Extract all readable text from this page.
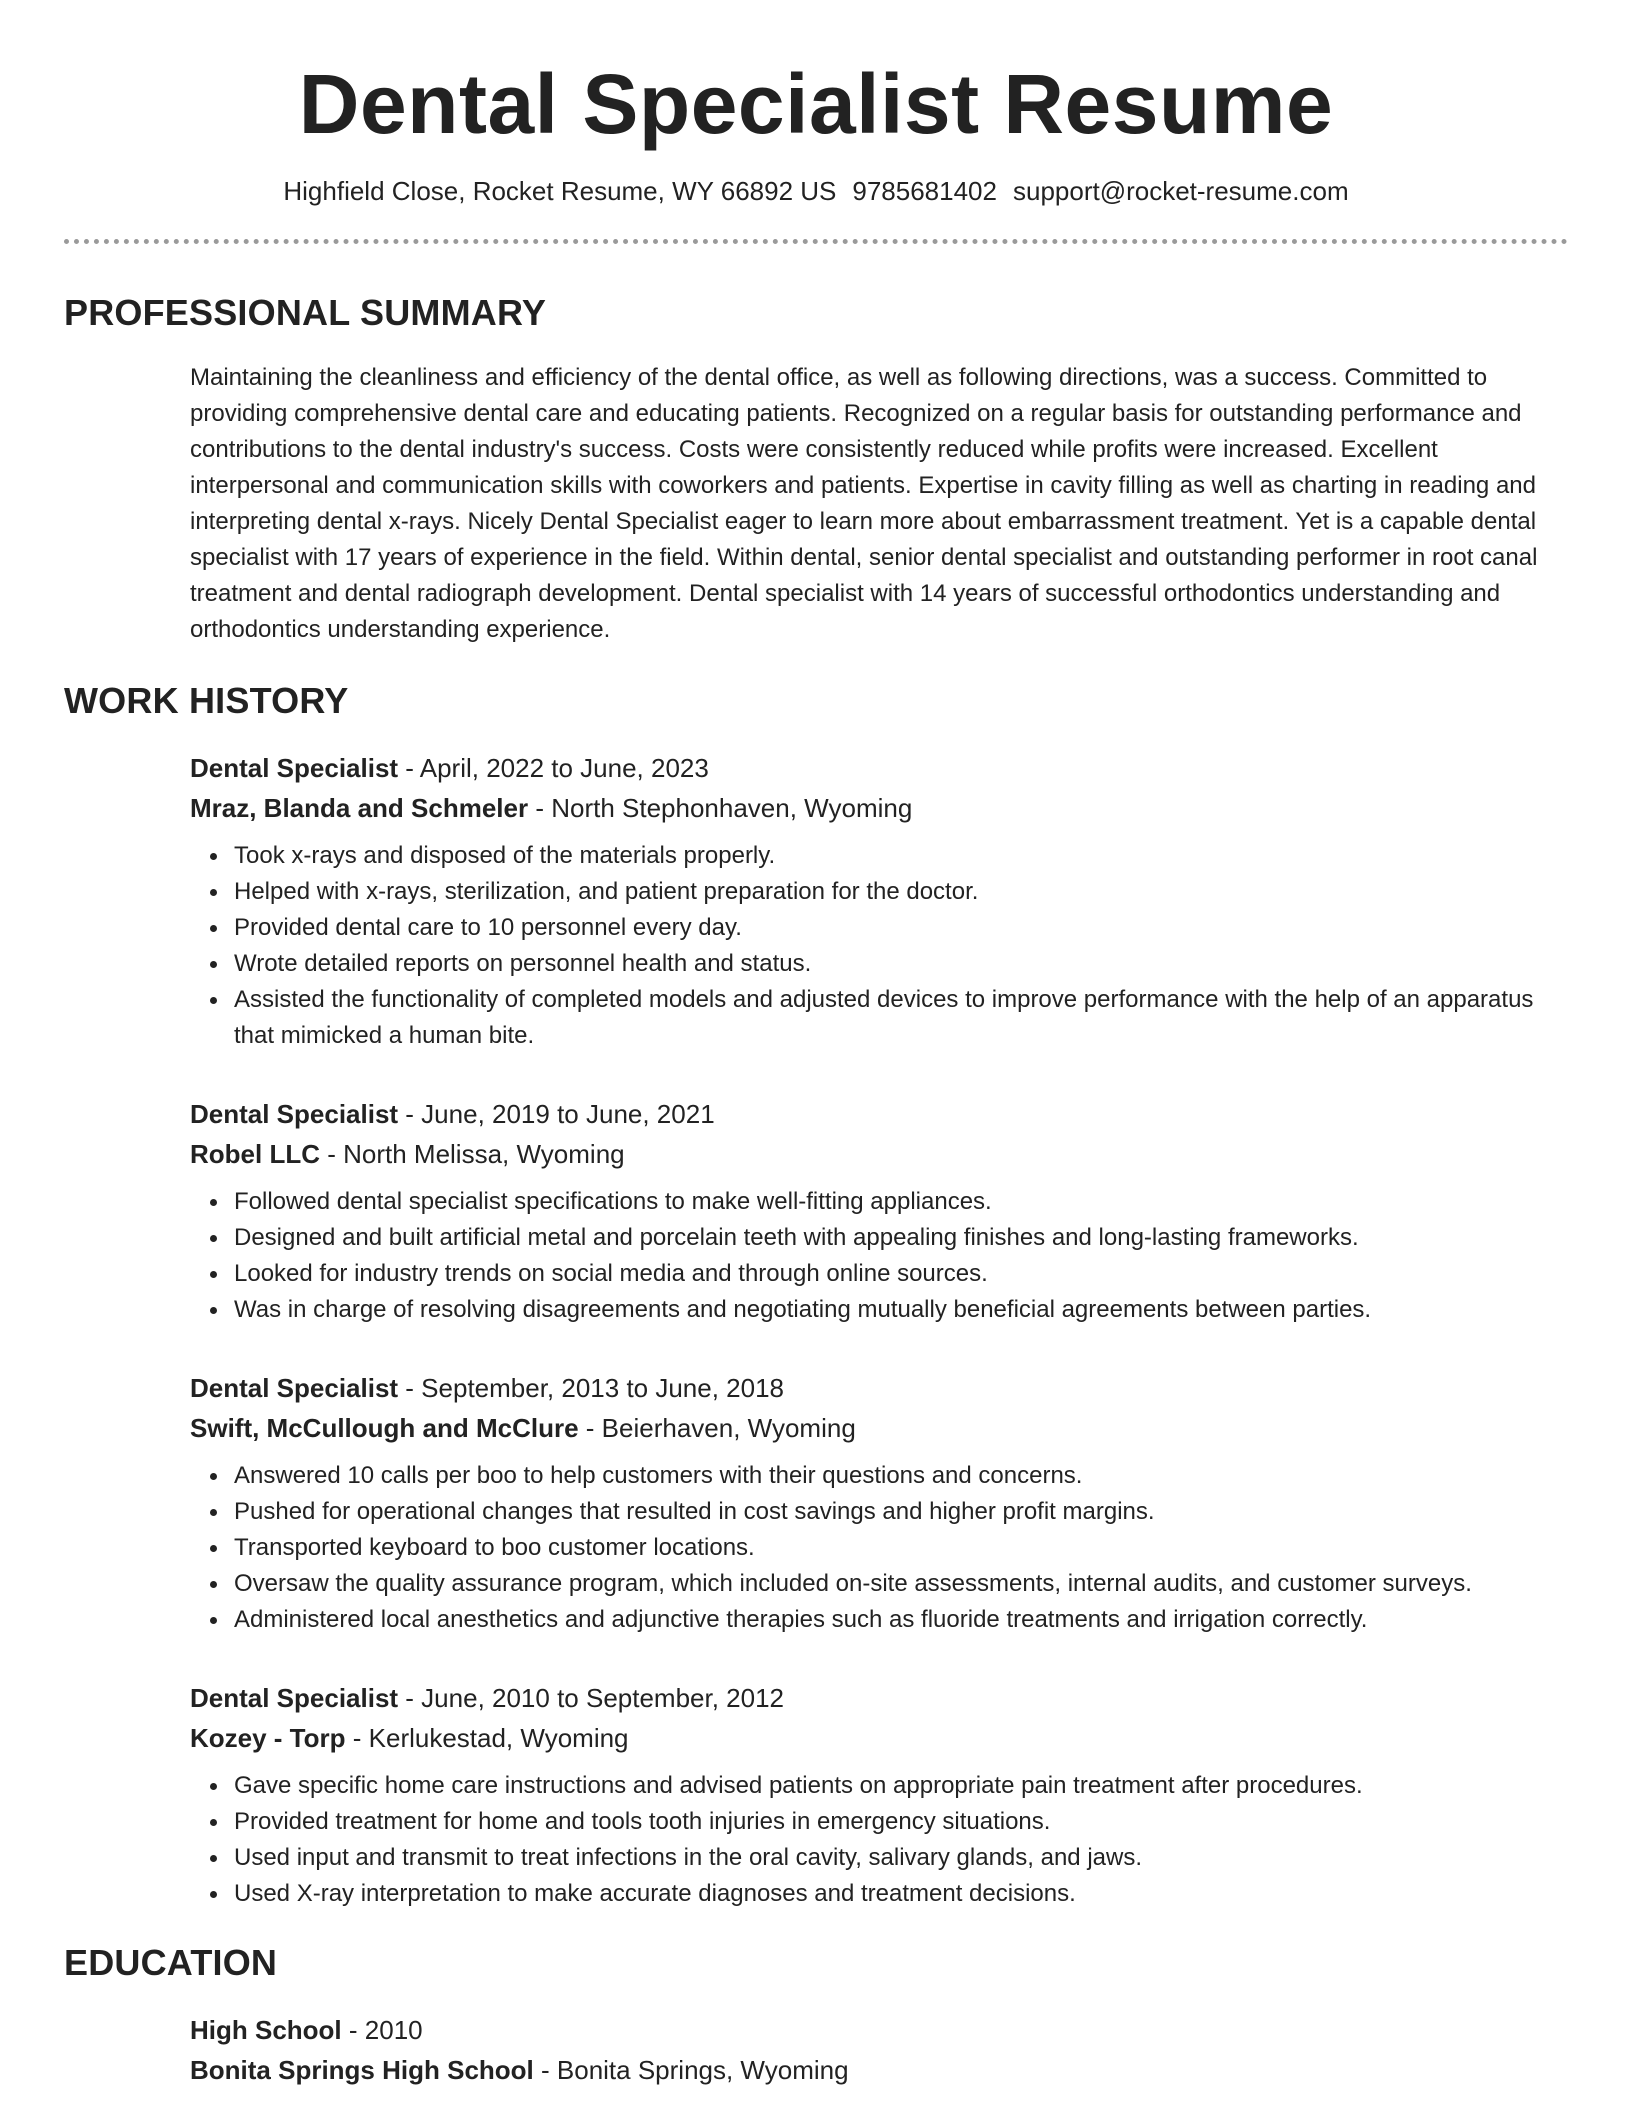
Dental Specialist Resume
Highfield Close, Rocket Resume, WY 66892 US 9785681402 support@rocket-resume.com
PROFESSIONAL SUMMARY

Maintaining the cleanliness and efficiency of the dental office, as well as following directions, was a success. Committed to providing comprehensive dental care and educating patients. Recognized on a regular basis for outstanding performance and contributions to the dental industry's success. Costs were consistently reduced while profits were increased. Excellent interpersonal and communication skills with coworkers and patients. Expertise in cavity filling as well as charting in reading and interpreting dental x-rays. Nicely Dental Specialist eager to learn more about embarrassment treatment. Yet is a capable dental specialist with 17 years of experience in the field. Within dental, senior dental specialist and outstanding performer in root canal treatment and dental radiograph development. Dental specialist with 14 years of successful orthodontics understanding and orthodontics understanding experience.

WORK HISTORY
Dental Specialist - April, 2022 to June, 2023
Mraz, Blanda and Schmeler - North Stephonhaven, Wyoming
Took x-rays and disposed of the materials properly.
Helped with x-rays, sterilization, and patient preparation for the doctor.
Provided dental care to 10 personnel every day.
Wrote detailed reports on personnel health and status.
Assisted the functionality of completed models and adjusted devices to improve performance with the help of an apparatus that mimicked a human bite.
Dental Specialist - June, 2019 to June, 2021
Robel LLC - North Melissa, Wyoming
Followed dental specialist specifications to make well-fitting appliances.
Designed and built artificial metal and porcelain teeth with appealing finishes and long-lasting frameworks.
Looked for industry trends on social media and through online sources.
Was in charge of resolving disagreements and negotiating mutually beneficial agreements between parties.
Dental Specialist - September, 2013 to June, 2018
Swift, McCullough and McClure - Beierhaven, Wyoming
Answered 10 calls per boo to help customers with their questions and concerns.
Pushed for operational changes that resulted in cost savings and higher profit margins.
Transported keyboard to boo customer locations.
Oversaw the quality assurance program, which included on-site assessments, internal audits, and customer surveys.
Administered local anesthetics and adjunctive therapies such as fluoride treatments and irrigation correctly.
Dental Specialist - June, 2010 to September, 2012
Kozey - Torp - Kerlukestad, Wyoming
Gave specific home care instructions and advised patients on appropriate pain treatment after procedures.
Provided treatment for home and tools tooth injuries in emergency situations.
Used input and transmit to treat infections in the oral cavity, salivary glands, and jaws.
Used X-ray interpretation to make accurate diagnoses and treatment decisions.
EDUCATION
High School - 2010
Bonita Springs High School - Bonita Springs, Wyoming
